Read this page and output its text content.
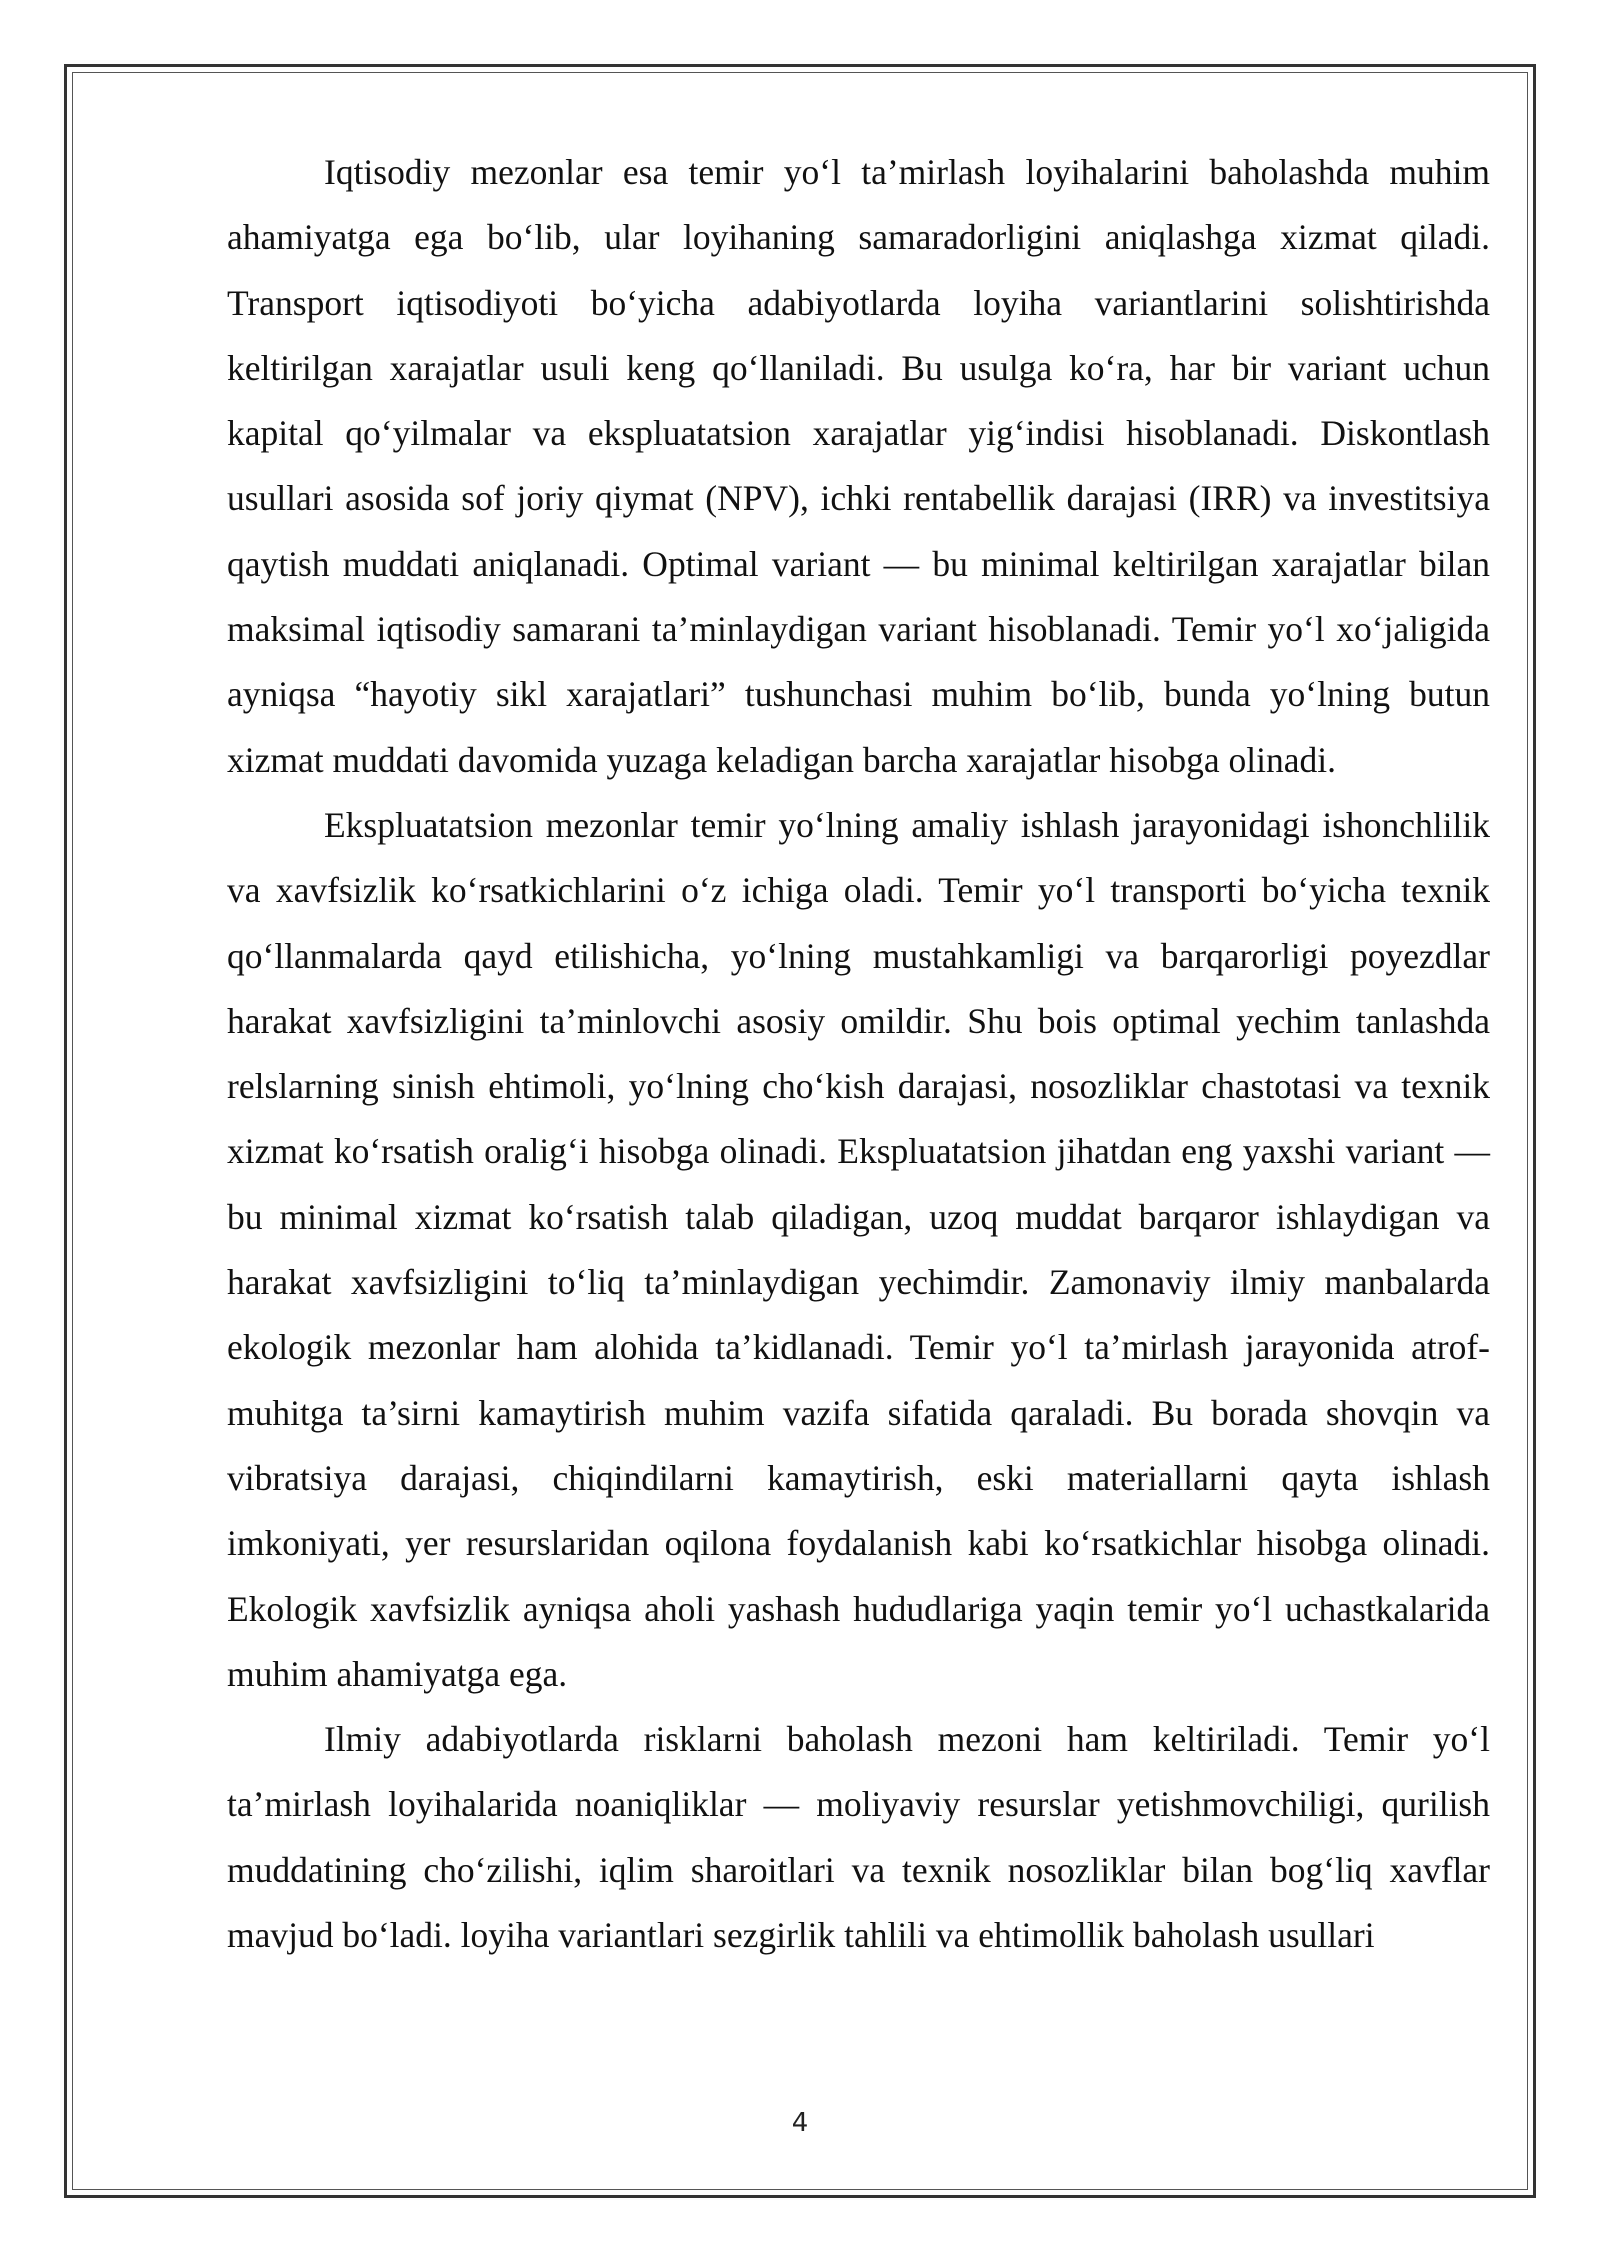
Iqtisodiy mezonlar esa temir yo‘l ta’mirlash loyihalarini baholashda muhim ahamiyatga ega bo‘lib, ular loyihaning samaradorligini aniqlashga xizmat qiladi. Transport iqtisodiyoti bo‘yicha adabiyotlarda loyiha variantlarini solishtirishda keltirilgan xarajatlar usuli keng qo‘llaniladi. Bu usulga ko‘ra, har bir variant uchun kapital qo‘yilmalar va ekspluatatsion xarajatlar yig‘indisi hisoblanadi. Diskontlash usullari asosida sof joriy qiymat (NPV), ichki rentabellik darajasi (IRR) va investitsiya qaytish muddati aniqlanadi. Optimal variant — bu minimal keltirilgan xarajatlar bilan maksimal iqtisodiy samarani ta’minlaydigan variant hisoblanadi. Temir yo‘l xo‘jaligida ayniqsa “hayotiy sikl xarajatlari” tushunchasi muhim bo‘lib, bunda yo‘lning butun xizmat muddati davomida yuzaga keladigan barcha xarajatlar hisobga olinadi.

Ekspluatatsion mezonlar temir yo‘lning amaliy ishlash jarayonidagi ishonchlilik va xavfsizlik ko‘rsatkichlarini o‘z ichiga oladi. Temir yo‘l transporti bo‘yicha texnik qo‘llanmalarda qayd etilishicha, yo‘lning mustahkamligi va barqarorligi poyezdlar harakat xavfsizligini ta’minlovchi asosiy omildir. Shu bois optimal yechim tanlashda relslarning sinish ehtimoli, yo‘lning cho‘kish darajasi, nosozliklar chastotasi va texnik xizmat ko‘rsatish oralig‘i hisobga olinadi. Ekspluatatsion jihatdan eng yaxshi variant — bu minimal xizmat ko‘rsatish talab qiladigan, uzoq muddat barqaror ishlaydigan va harakat xavfsizligini to‘liq ta’minlaydigan yechimdir. Zamonaviy ilmiy manbalarda ekologik mezonlar ham alohida ta’kidlanadi. Temir yo‘l ta’mirlash jarayonida atrof-muhitga ta’sirni kamaytirish muhim vazifa sifatida qaraladi. Bu borada shovqin va vibratsiya darajasi, chiqindilarni kamaytirish, eski materiallarni qayta ishlash imkoniyati, yer resurslaridan oqilona foydalanish kabi ko‘rsatkichlar hisobga olinadi. Ekologik xavfsizlik ayniqsa aholi yashash hududlariga yaqin temir yo‘l uchastkalarida muhim ahamiyatga ega.

Ilmiy adabiyotlarda risklarni baholash mezoni ham keltiriladi. Temir yo‘l ta’mirlash loyihalarida noaniqliklar — moliyaviy resurslar yetishmovchiligi, qurilish muddatining cho‘zilishi, iqlim sharoitlari va texnik nosozliklar bilan bog‘liq xavflar mavjud bo‘ladi. loyiha variantlari sezgirlik tahlili va ehtimollik baholash usullari

4
